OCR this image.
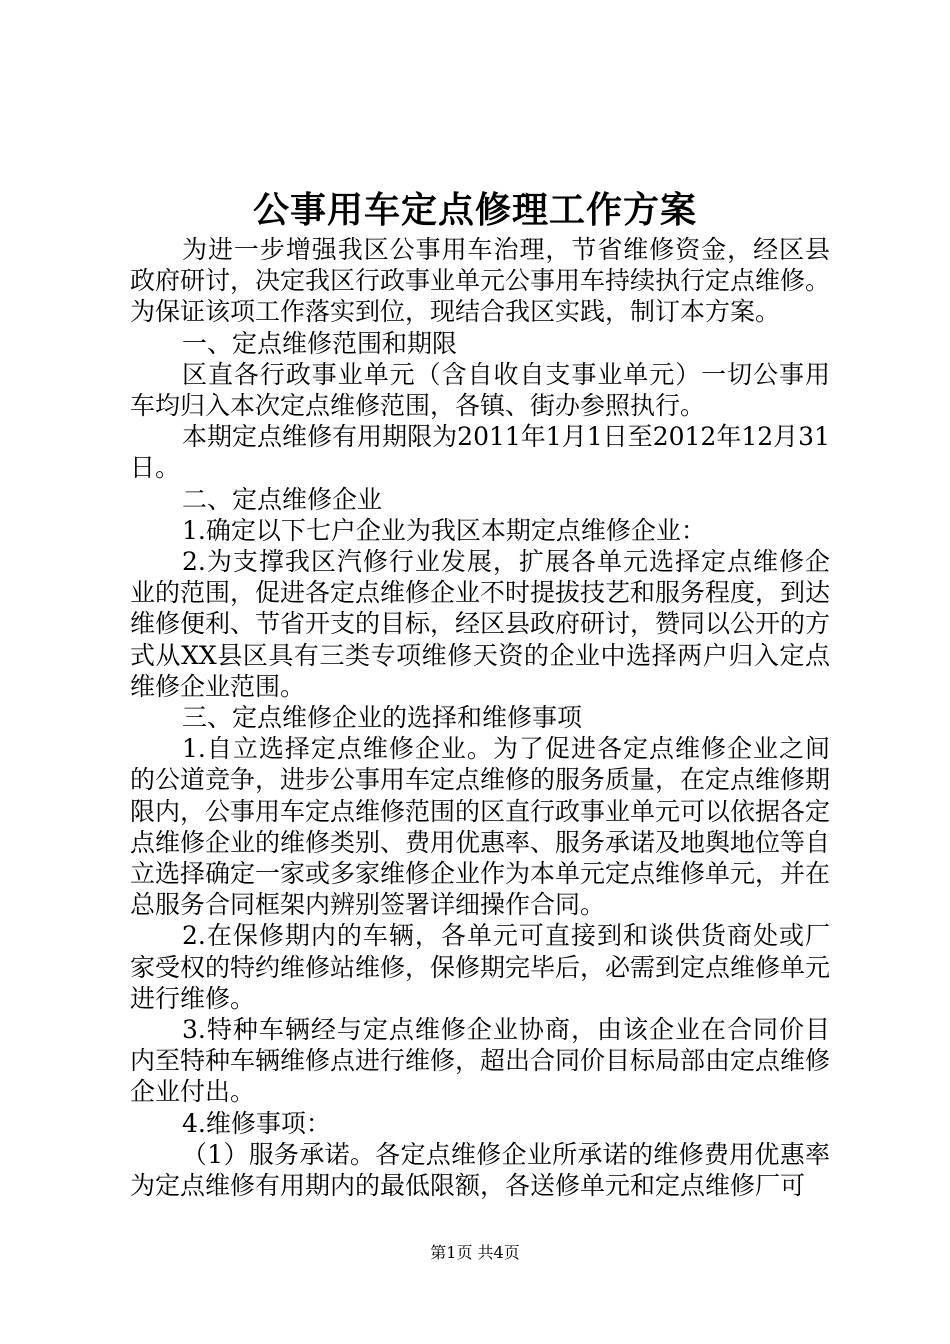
公事用车定点修理工作方案

为进一步增强我区公事用车治理，节省维修资金，经区县政府研讨，决定我区行政事业单元公事用车持续执行定点维修。为保证该项工作落实到位，现结合我区实践，制订本方案。

一、定点维修范围和期限

区直各行政事业单元（含自收自支事业单元）一切公事用车均归入本次定点维修范围，各镇、街办参照执行。

本期定点维修有用期限为2011年1月1日至2012年12月31日。

二、定点维修企业

1.确定以下七户企业为我区本期定点维修企业：

2.为支撑我区汽修行业发展，扩展各单元选择定点维修企业的范围，促进各定点维修企业不时提拔技艺和服务程度，到达维修便利、节省开支的目标，经区县政府研讨，赞同以公开的方式从XX县区具有三类专项维修天资的企业中选择两户归入定点维修企业范围。

三、定点维修企业的选择和维修事项

1.自立选择定点维修企业。为了促进各定点维修企业之间的公道竞争，进步公事用车定点维修的服务质量，在定点维修期限内，公事用车定点维修范围的区直行政事业单元可以依据各定点维修企业的维修类别、费用优惠率、服务承诺及地舆地位等自立选择确定一家或多家维修企业作为本单元定点维修单元，并在总服务合同框架内辨别签署详细操作合同。

2.在保修期内的车辆，各单元可直接到和谈供货商处或厂家受权的特约维修站维修，保修期完毕后，必需到定点维修单元进行维修。

3.特种车辆经与定点维修企业协商，由该企业在合同价目内至特种车辆维修点进行维修，超出合同价目标局部由定点维修企业付出。

4.维修事项：

（1）服务承诺。各定点维修企业所承诺的维修费用优惠率为定点维修有用期内的最低限额，各送修单元和定点维修厂可

第1页 共4页
